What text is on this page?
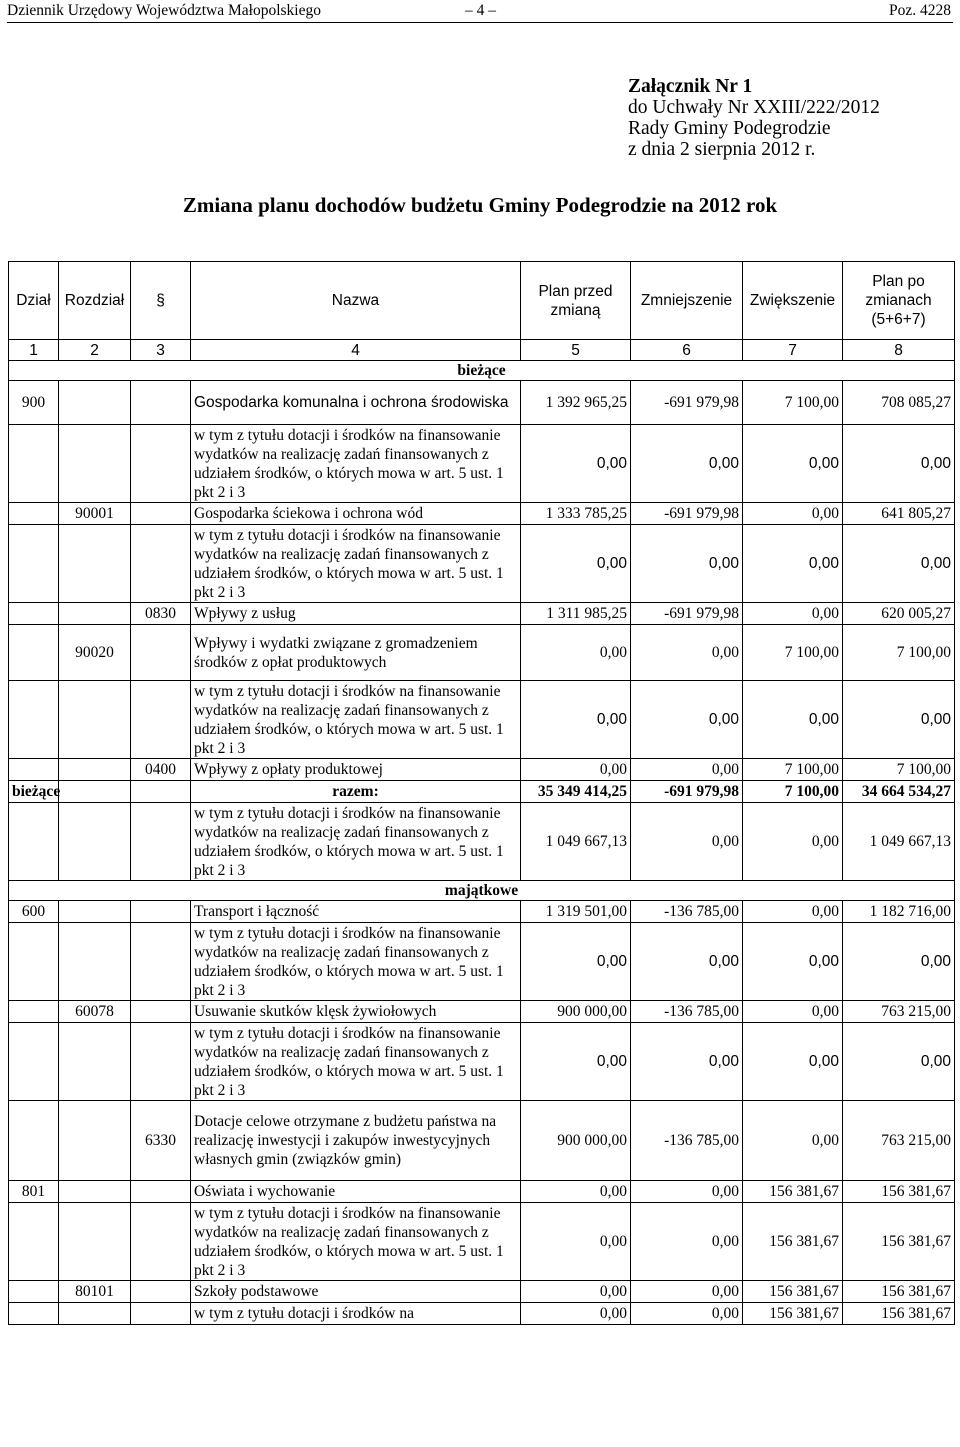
Dziennik Urzędowy Województwa Małopolskiego	– 4 –	Poz. 4228
Załącznik Nr 1
do Uchwały Nr XXIII/222/2012
Rady Gminy Podegrodzie
z dnia 2 sierpnia 2012 r.
Zmiana planu dochodów budżetu Gminy Podegrodzie na 2012 rok
Dział	Rozdział	§	Nazwa	Plan przed zmianą	Zmniejszenie	Zwiększenie	Plan po zmianach (5+6+7)
1	2	3	4	5	6	7	8
bieżące							
900			Gospodarka komunalna i ochrona środowiska	1 392 965,25	-691 979,98	7 100,00	708 085,27
			w tym z tytułu dotacji i środków na finansowanie wydatków na realizację zadań finansowanych z udziałem środków, o których mowa w art. 5 ust. 1 pkt 2 i 3	0,00	0,00	0,00	0,00
	90001		Gospodarka ściekowa i ochrona wód	1 333 785,25	-691 979,98	0,00	641 805,27
			w tym z tytułu dotacji i środków na finansowanie wydatków na realizację zadań finansowanych z udziałem środków, o których mowa w art. 5 ust. 1 pkt 2 i 3	0,00	0,00	0,00	0,00
		0830	Wpływy z usług	1 311 985,25	-691 979,98	0,00	620 005,27
	90020		Wpływy i wydatki związane z gromadzeniem środków z opłat produktowych	0,00	0,00	7 100,00	7 100,00
			w tym z tytułu dotacji i środków na finansowanie wydatków na realizację zadań finansowanych z udziałem środków, o których mowa w art. 5 ust. 1 pkt 2 i 3	0,00	0,00	0,00	0,00
		0400	Wpływy z opłaty produktowej	0,00	0,00	7 100,00	7 100,00
bieżące			razem:	35 349 414,25	-691 979,98	7 100,00	34 664 534,27
			w tym z tytułu dotacji i środków na finansowanie wydatków na realizację zadań finansowanych z udziałem środków, o których mowa w art. 5 ust. 1 pkt 2 i 3	1 049 667,13	0,00	0,00	1 049 667,13
majątkowe							
600			Transport i łączność	1 319 501,00	-136 785,00	0,00	1 182 716,00
			w tym z tytułu dotacji i środków na finansowanie wydatków na realizację zadań finansowanych z udziałem środków, o których mowa w art. 5 ust. 1 pkt 2 i 3	0,00	0,00	0,00	0,00
	60078		Usuwanie skutków klęsk żywiołowych	900 000,00	-136 785,00	0,00	763 215,00
			w tym z tytułu dotacji i środków na finansowanie wydatków na realizację zadań finansowanych z udziałem środków, o których mowa w art. 5 ust. 1 pkt 2 i 3	0,00	0,00	0,00	0,00
		6330	Dotacje celowe otrzymane z budżetu państwa na realizację inwestycji i zakupów inwestycyjnych własnych gmin (związków gmin)	900 000,00	-136 785,00	0,00	763 215,00
801			Oświata i wychowanie	0,00	0,00	156 381,67	156 381,67
			w tym z tytułu dotacji i środków na finansowanie wydatków na realizację zadań finansowanych z udziałem środków, o których mowa w art. 5 ust. 1 pkt 2 i 3	0,00	0,00	156 381,67	156 381,67
	80101		Szkoły podstawowe	0,00	0,00	156 381,67	156 381,67
			w tym z tytułu dotacji i środków na	0,00	0,00	156 381,67	156 381,67
